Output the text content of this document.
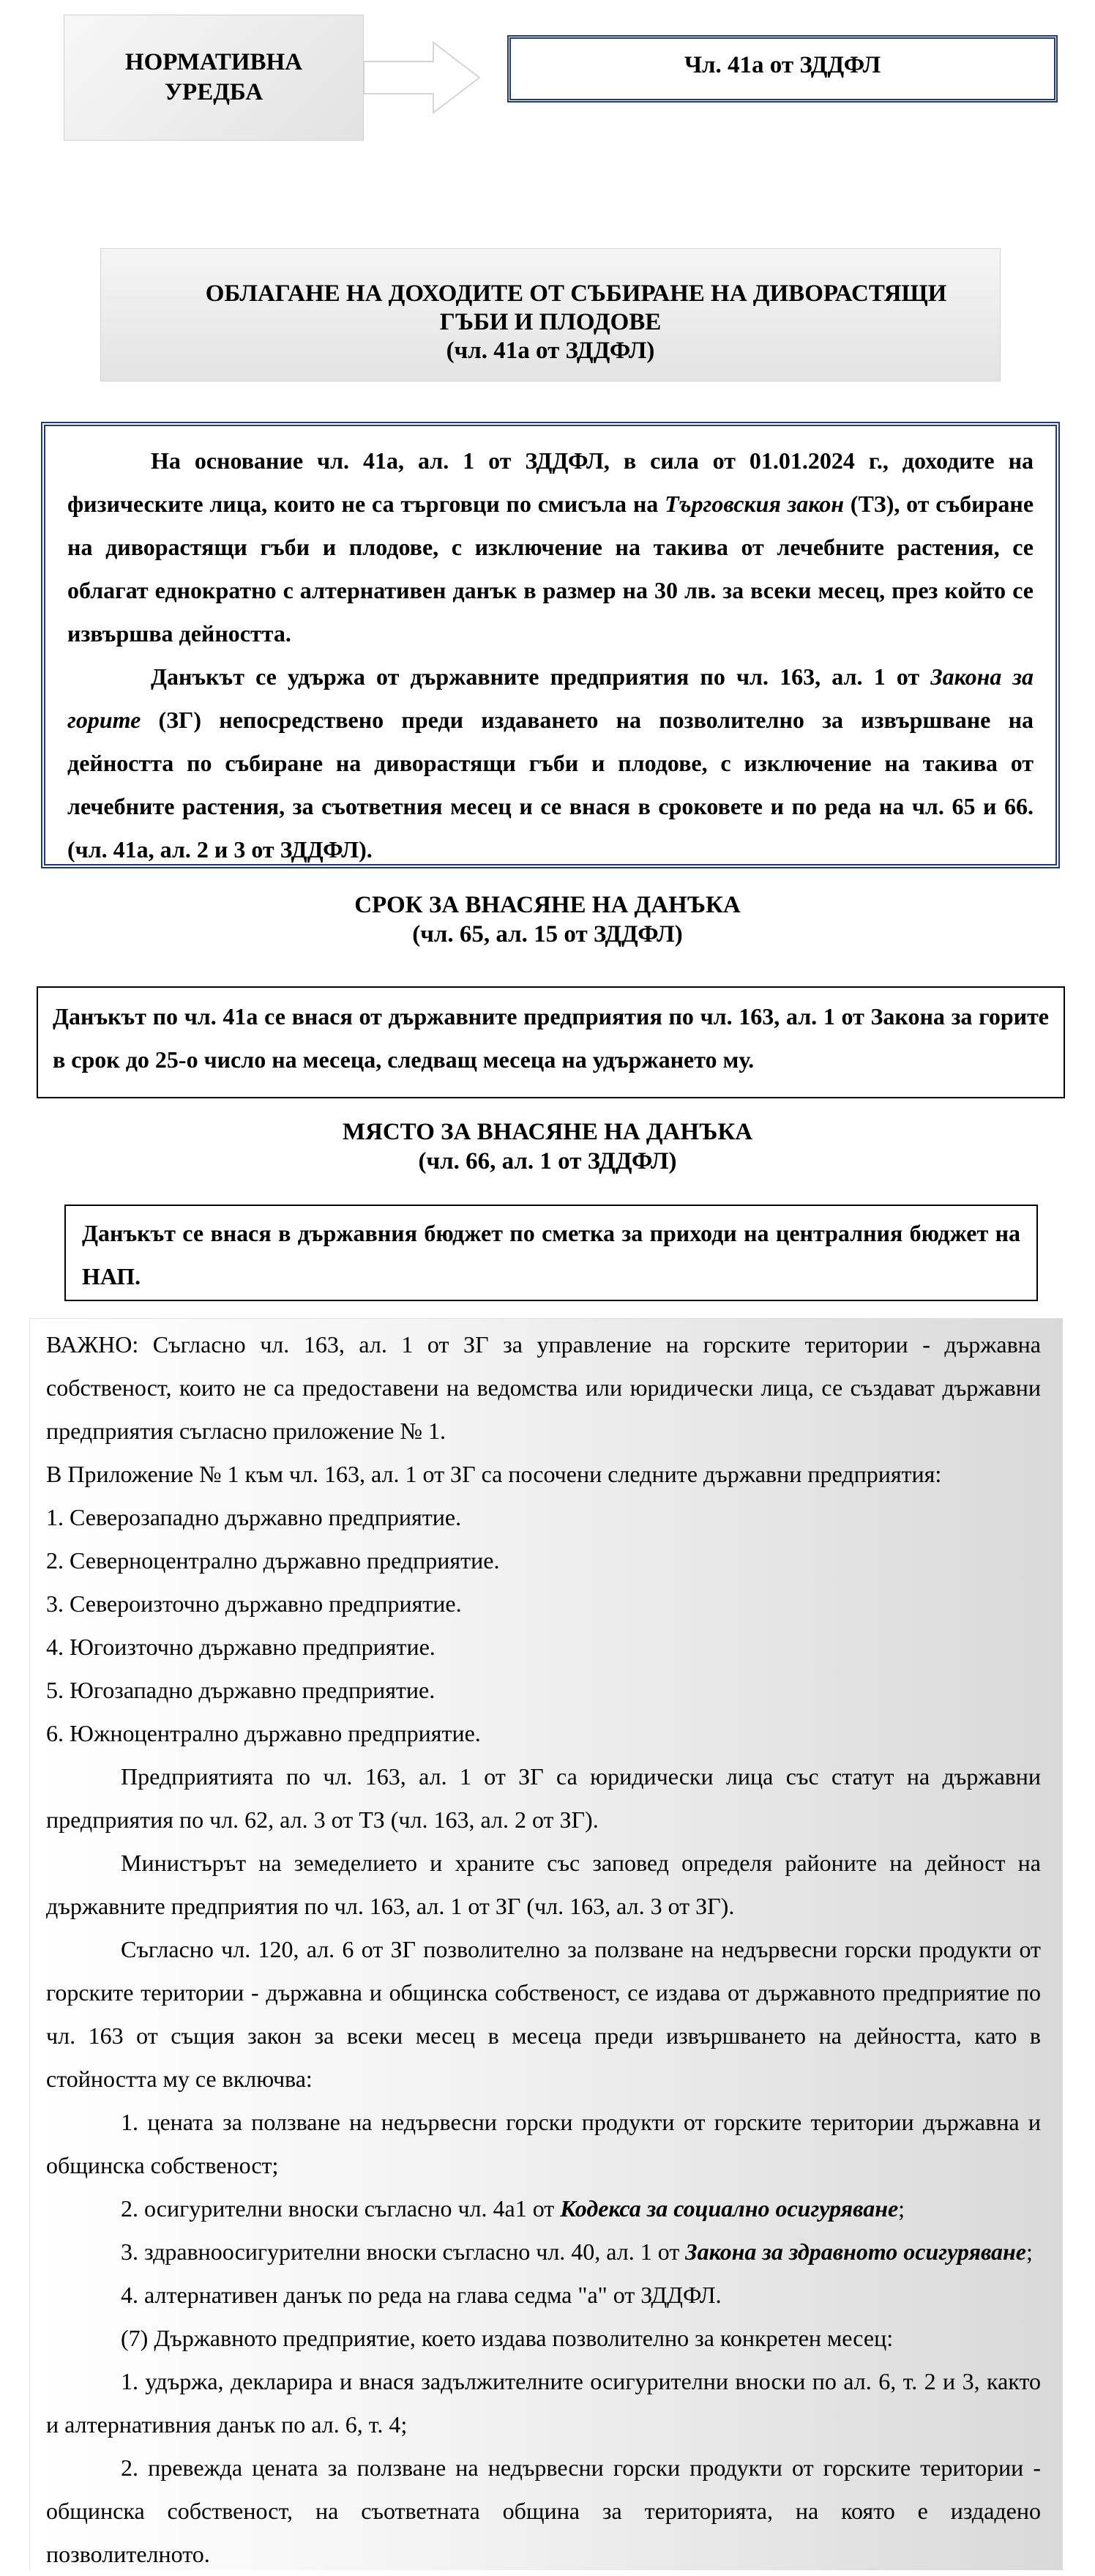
НОРМАТИВНА УРЕДБА
Чл. 41а от ЗДДФЛ
ОБЛАГАНЕ НА ДОХОДИТЕ ОТ СЪБИРАНЕ НА ДИВОРАСТЯЩИ
ГЪБИ И ПЛОДОВЕ
(чл. 41а от ЗДДФЛ)

На основание чл. 41а, ал. 1 от ЗДДФЛ, в сила от 01.01.2024 г., доходите на физическите лица, които не са търговци по смисъла на Търговския закон (ТЗ), от събиране на диворастящи гъби и плодове, с изключение на такива от лечебните растения, се облагат еднократно с алтернативен данък в размер на 30 лв. за всеки месец, през който се извършва дейността.

Данъкът се удържа от държавните предприятия по чл. 163, ал. 1 от Закона за горите (ЗГ) непосредствено преди издаването на позволително за извършване на дейността по събиране на диворастящи гъби и плодове, с изключение на такива от лечебните растения, за съответния месец и се внася в сроковете и по реда на чл. 65 и 66. (чл. 41а, ал. 2 и 3 от ЗДДФЛ).

СРОК ЗА ВНАСЯНЕ НА ДАНЪКА
(чл. 65, ал. 15 от ЗДДФЛ)

Данъкът по чл. 41а се внася от държавните предприятия по чл. 163, ал. 1 от Закона за горите в срок до 25-о число на месеца, следващ месеца на удържането му.

МЯСТО ЗА ВНАСЯНЕ НА ДАНЪКА
(чл. 66, ал. 1 от ЗДДФЛ)

Данъкът се внася в държавния бюджет по сметка за приходи на централния бюджет на НАП.

ВАЖНО: Съгласно чл. 163, ал. 1 от ЗГ за управление на горските територии - държавна собственост, които не са предоставени на ведомства или юридически лица, се създават държавни предприятия съгласно приложение № 1.

В Приложение № 1 към чл. 163, ал. 1 от ЗГ са посочени следните държавни предприятия:

1. Северозападно държавно предприятие.

2. Северноцентрално държавно предприятие.

3. Североизточно държавно предприятие.

4. Югоизточно държавно предприятие.

5. Югозападно държавно предприятие.

6. Южноцентрално държавно предприятие.

Предприятията по чл. 163, ал. 1 от ЗГ са юридически лица със статут на държавни предприятия по чл. 62, ал. 3 от ТЗ (чл. 163, ал. 2 от ЗГ).

Министърът на земеделието и храните със заповед определя районите на дейност на държавните предприятия по чл. 163, ал. 1 от ЗГ (чл. 163, ал. 3 от ЗГ).

Съгласно чл. 120, ал. 6 от ЗГ позволително за ползване на недървесни горски продукти от горските територии - държавна и общинска собственост, се издава от държавното предприятие по чл. 163 от същия закон за всеки месец в месеца преди извършването на дейността, като в стойността му се включва:

1. цената за ползване на недървесни горски продукти от горските територии държавна и общинска собственост;

2. осигурителни вноски съгласно чл. 4а1 от Кодекса за социално осигуряване;

3. здравноосигурителни вноски съгласно чл. 40, ал. 1 от Закона за здравното осигуряване;

4. алтернативен данък по реда на глава седма "а" от ЗДДФЛ.

(7) Държавното предприятие, което издава позволително за конкретен месец:

1. удържа, декларира и внася задължителните осигурителни вноски по ал. 6, т. 2 и 3, както и алтернативния данък по ал. 6, т. 4;

2. превежда цената за ползване на недървесни горски продукти от горските територии - общинска собственост, на съответната община за територията, на която е издадено позволителното.
